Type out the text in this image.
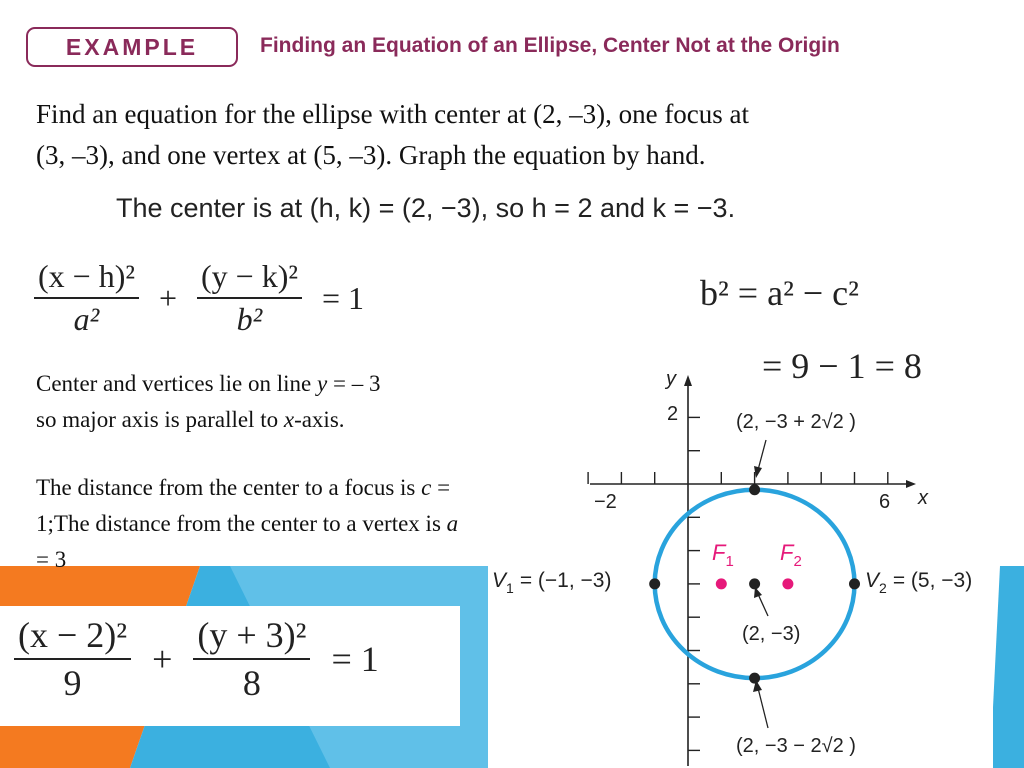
EXAMPLE	Finding an Equation of an Ellipse, Center Not at the Origin
Find an equation for the ellipse with center at (2, –3), one focus at
(3, –3), and one vertex at (5, –3). Graph the equation by hand.
The center is at (h, k) = (2, −3), so h = 2 and k = −3.
$\frac{\text{(x − h)²}}{\text{a²}} + \frac{\text{(y − k)²}}{\text{b²}} = 1$	b² = a² − c²
= 9 − 1 = 8
Center and vertices lie on line y = – 3
so major axis is parallel to x-axis.
The distance from the center to a focus is c = 1;The distance from the center to a vertex is a = 3
$\frac{\text{(x − 2)²}}{9} + \frac{\text{(y + 3)²}}{8} = 1$
y
x
2
−2	6
(2, −3 + 2√2 )
(2, −3 − 2√2 )
(2, −3)
$F_1$ $F_2$
$V_1 = (-1$, −3)	$V_2 = (5$, −3)
